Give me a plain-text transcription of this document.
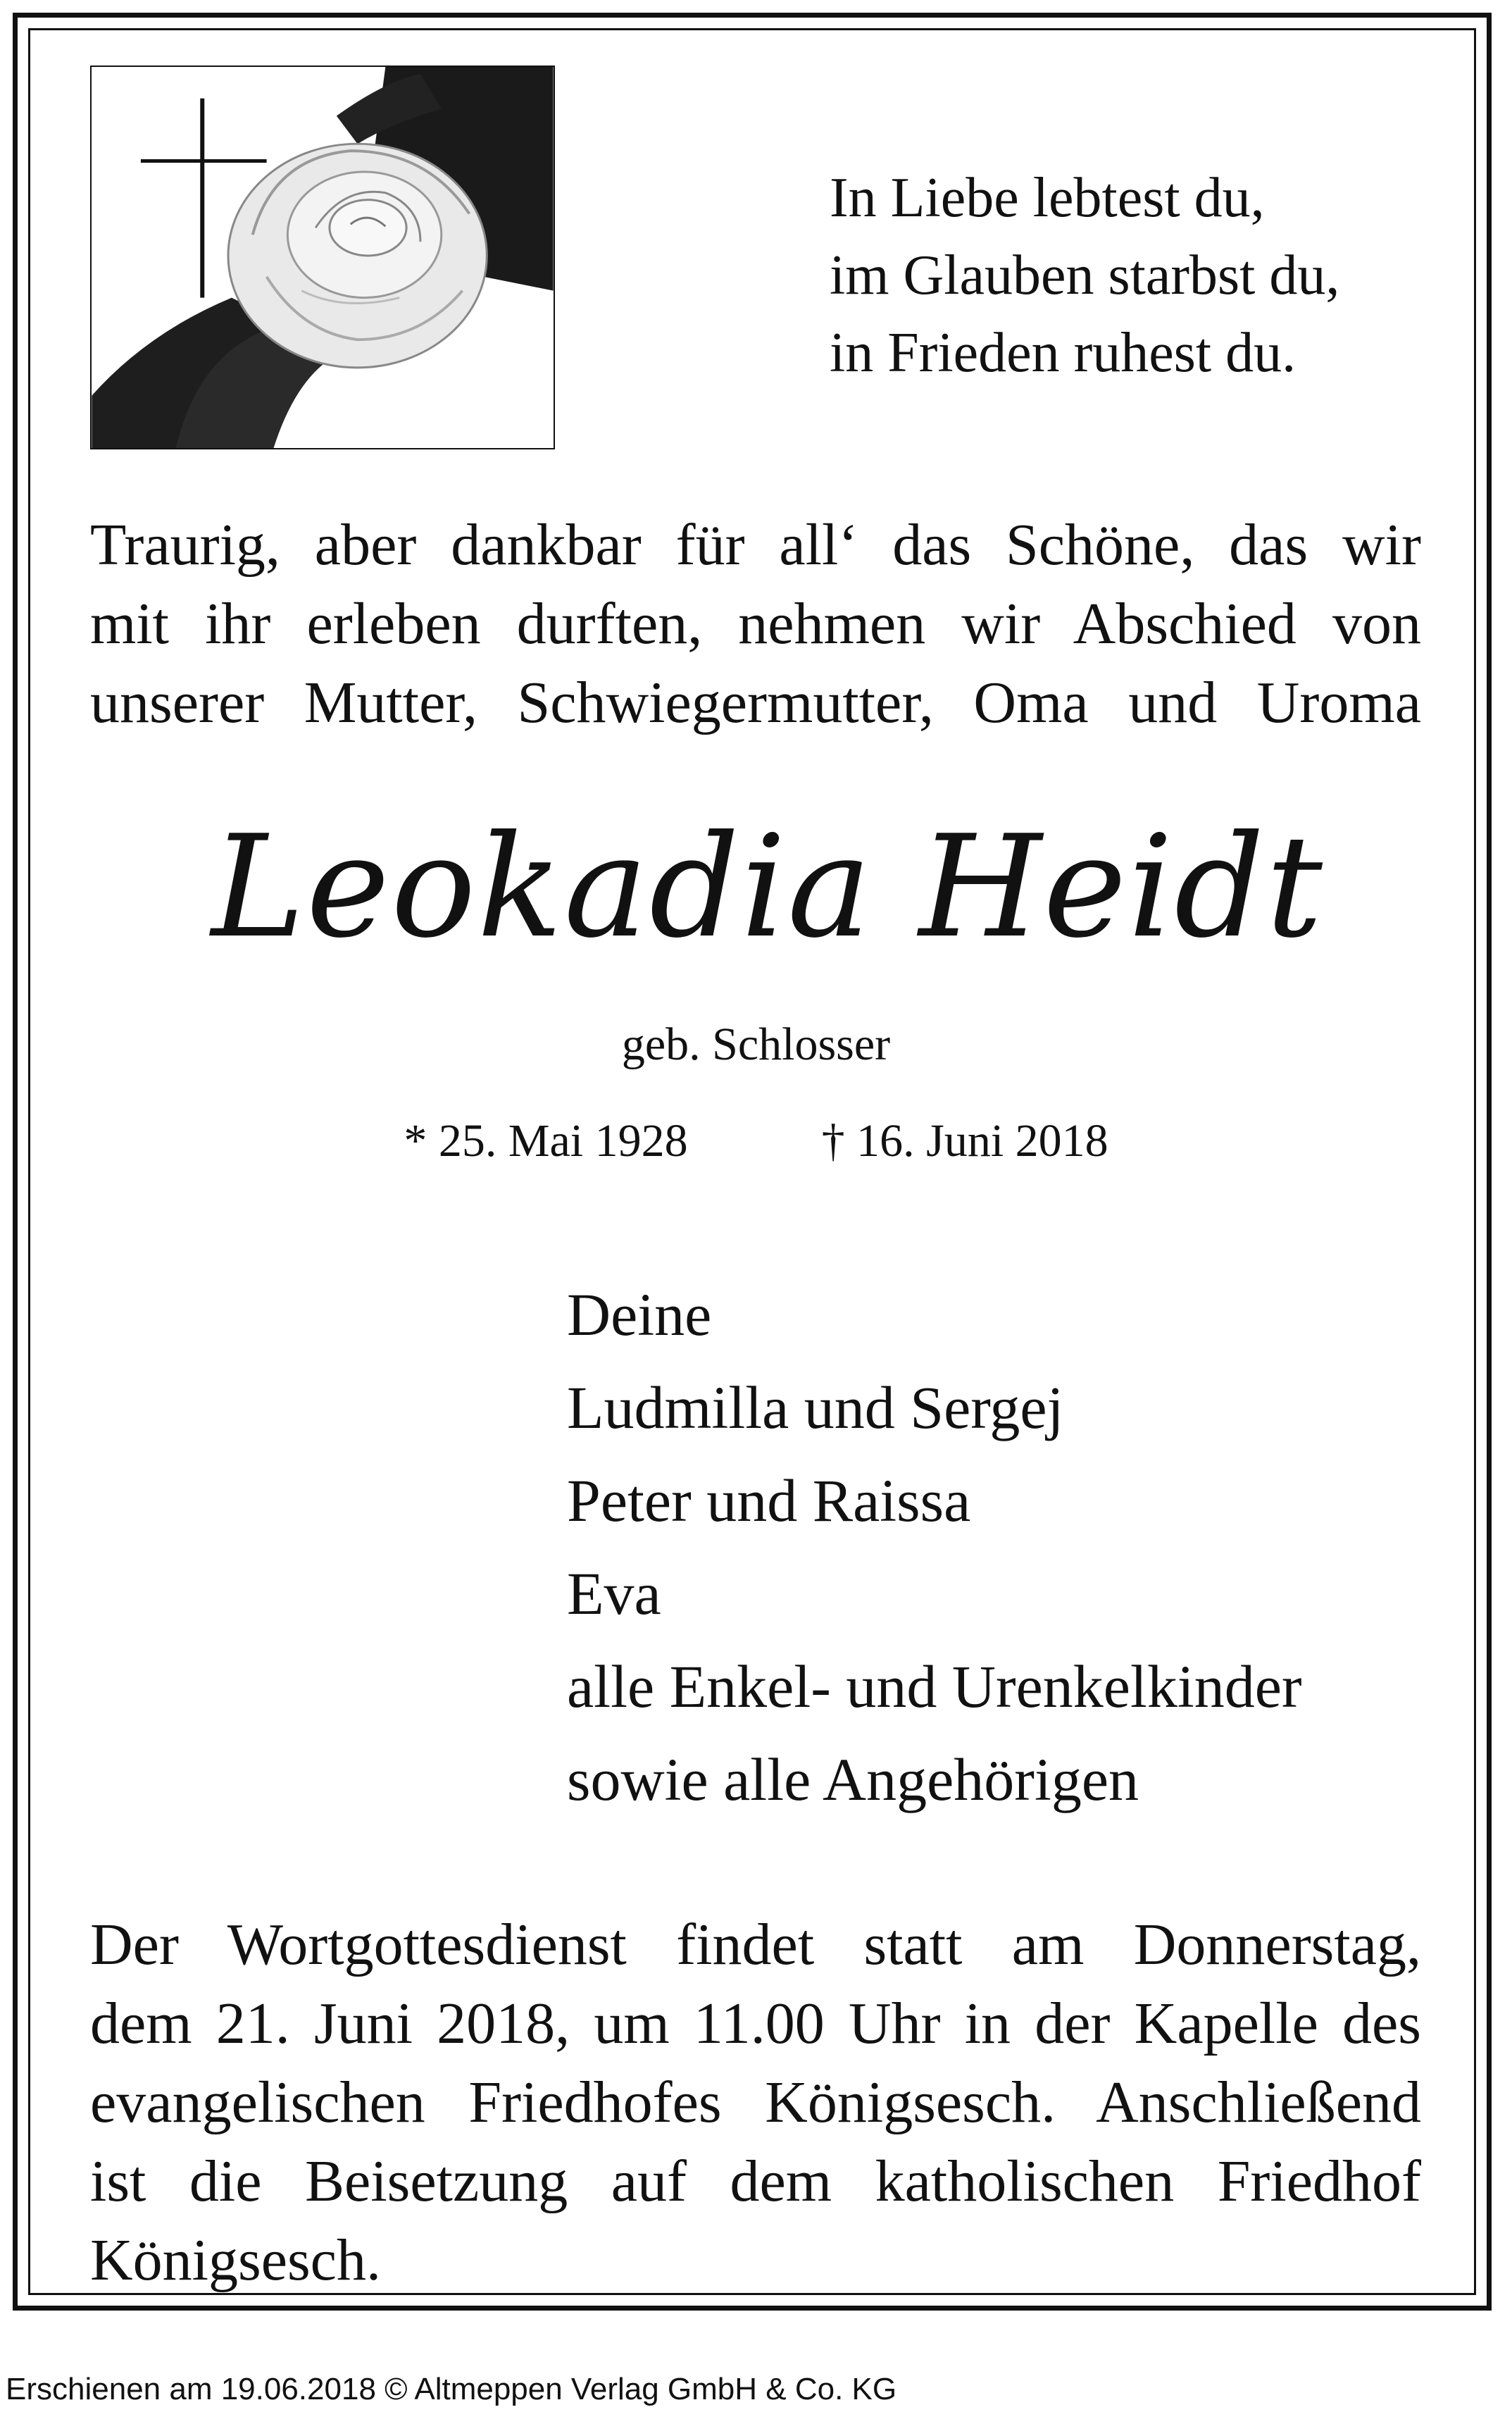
In Liebe lebtest du,
im Glauben starbst du,
in Frieden ruhest du.
Traurig, aber dankbar für all‘ das Schöne, das wir
mit ihr erleben durften, nehmen wir Abschied von
unserer Mutter, Schwiegermutter, Oma und Uroma
Leokadia Heidt
geb. Schlosser
* 25. Mai 1928	† 16. Juni 2018
Deine
Ludmilla und Sergej
Peter und Raissa
Eva
alle Enkel- und Urenkelkinder
sowie alle Angehörigen
Der Wortgottesdienst findet statt am Donnerstag,
dem 21. Juni 2018, um 11.00 Uhr in der Kapelle des
evangelischen Friedhofes Königsesch. Anschließend
ist die Beisetzung auf dem katholischen Friedhof
Königsesch.
Erschienen am 19.06.2018 © Altmeppen Verlag GmbH & Co. KG
